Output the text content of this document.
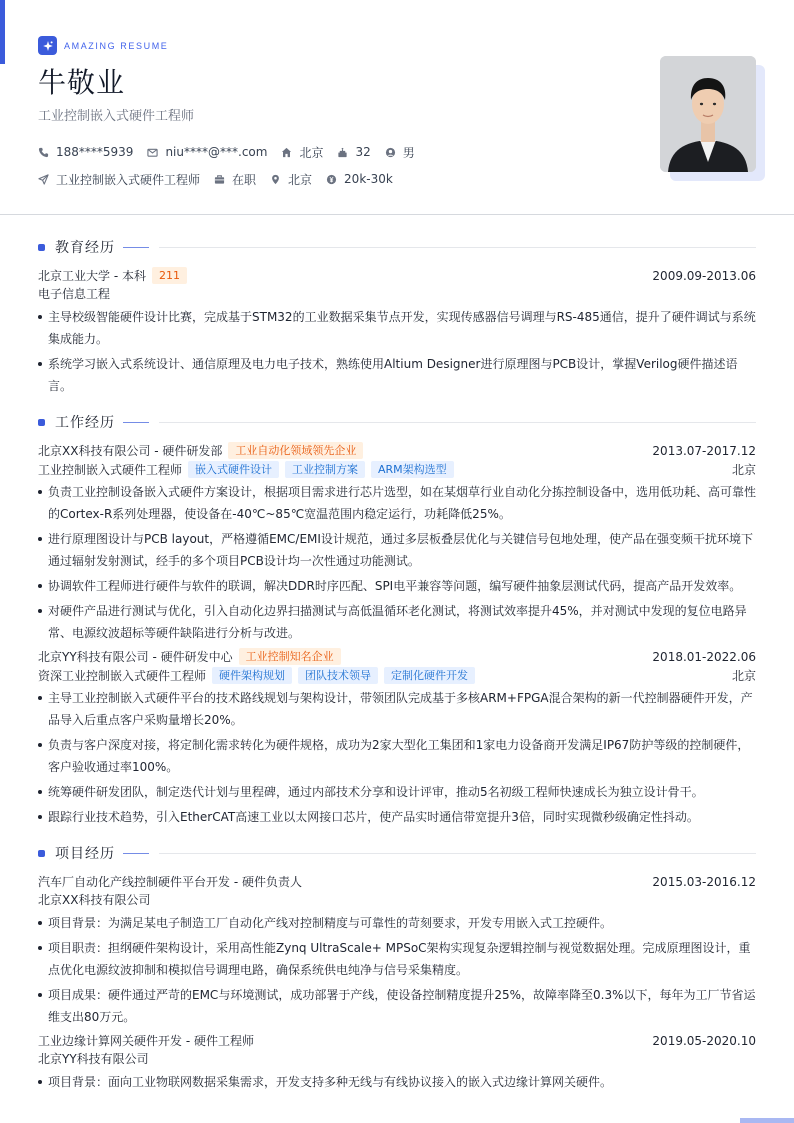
AMAZING RESUME
牛敬业
工业控制嵌入式硬件工程师
188****5939	niu****@***.com	北京	32	男
工业控制嵌入式硬件工程师	在职	北京	20k-30k
教育经历
北京工业大学 - 本科	211	2009.09-2013.06
电子信息工程
主导校级智能硬件设计比赛，完成基于STM32的工业数据采集节点开发，实现传感器信号调理与RS-485通信，提升了硬件调试与系统集成能力。
系统学习嵌入式系统设计、通信原理及电力电子技术，熟练使用Altium Designer进行原理图与PCB设计，掌握Verilog硬件描述语言。
工作经历
北京XX科技有限公司 - 硬件研发部	工业自动化领域领先企业	2013.07-2017.12
工业控制嵌入式硬件工程师	嵌入式硬件设计	工业控制方案	ARM架构选型	北京
负责工业控制设备嵌入式硬件方案设计，根据项目需求进行芯片选型，如在某烟草行业自动化分拣控制设备中，选用低功耗、高可靠性的Cortex-R系列处理器，使设备在-40℃~85℃宽温范围内稳定运行，功耗降低25%。
进行原理图设计与PCB layout，严格遵循EMC/EMI设计规范，通过多层板叠层优化与关键信号包地处理，使产品在强变频干扰环境下通过辐射发射测试，经手的多个项目PCB设计均一次性通过功能测试。
协调软件工程师进行硬件与软件的联调，解决DDR时序匹配、SPI电平兼容等问题，编写硬件抽象层测试代码，提高产品开发效率。
对硬件产品进行测试与优化，引入自动化边界扫描测试与高低温循环老化测试，将测试效率提升45%，并对测试中发现的复位电路异常、电源纹波超标等硬件缺陷进行分析与改进。
北京YY科技有限公司 - 硬件研发中心	工业控制知名企业	2018.01-2022.06
资深工业控制嵌入式硬件工程师	硬件架构规划	团队技术领导	定制化硬件开发	北京
主导工业控制嵌入式硬件平台的技术路线规划与架构设计，带领团队完成基于多核ARM+FPGA混合架构的新一代控制器硬件开发，产品导入后重点客户采购量增长20%。
负责与客户深度对接，将定制化需求转化为硬件规格，成功为2家大型化工集团和1家电力设备商开发满足IP67防护等级的控制硬件，客户验收通过率100%。
统筹硬件研发团队，制定迭代计划与里程碑，通过内部技术分享和设计评审，推动5名初级工程师快速成长为独立设计骨干。
跟踪行业技术趋势，引入EtherCAT高速工业以太网接口芯片，使产品实时通信带宽提升3倍，同时实现微秒级确定性抖动。
项目经历
汽车厂自动化产线控制硬件平台开发 - 硬件负责人	2015.03-2016.12
北京XX科技有限公司
项目背景：为满足某电子制造工厂自动化产线对控制精度与可靠性的苛刻要求，开发专用嵌入式工控硬件。
项目职责：担纲硬件架构设计，采用高性能Zynq UltraScale+ MPSoC架构实现复杂逻辑控制与视觉数据处理。完成原理图设计，重点优化电源纹波抑制和模拟信号调理电路，确保系统供电纯净与信号采集精度。
项目成果：硬件通过严苛的EMC与环境测试，成功部署于产线，使设备控制精度提升25%，故障率降至0.3%以下，每年为工厂节省运维支出80万元。
工业边缘计算网关硬件开发 - 硬件工程师	2019.05-2020.10
北京YY科技有限公司
项目背景：面向工业物联网数据采集需求，开发支持多种无线与有线协议接入的嵌入式边缘计算网关硬件。
